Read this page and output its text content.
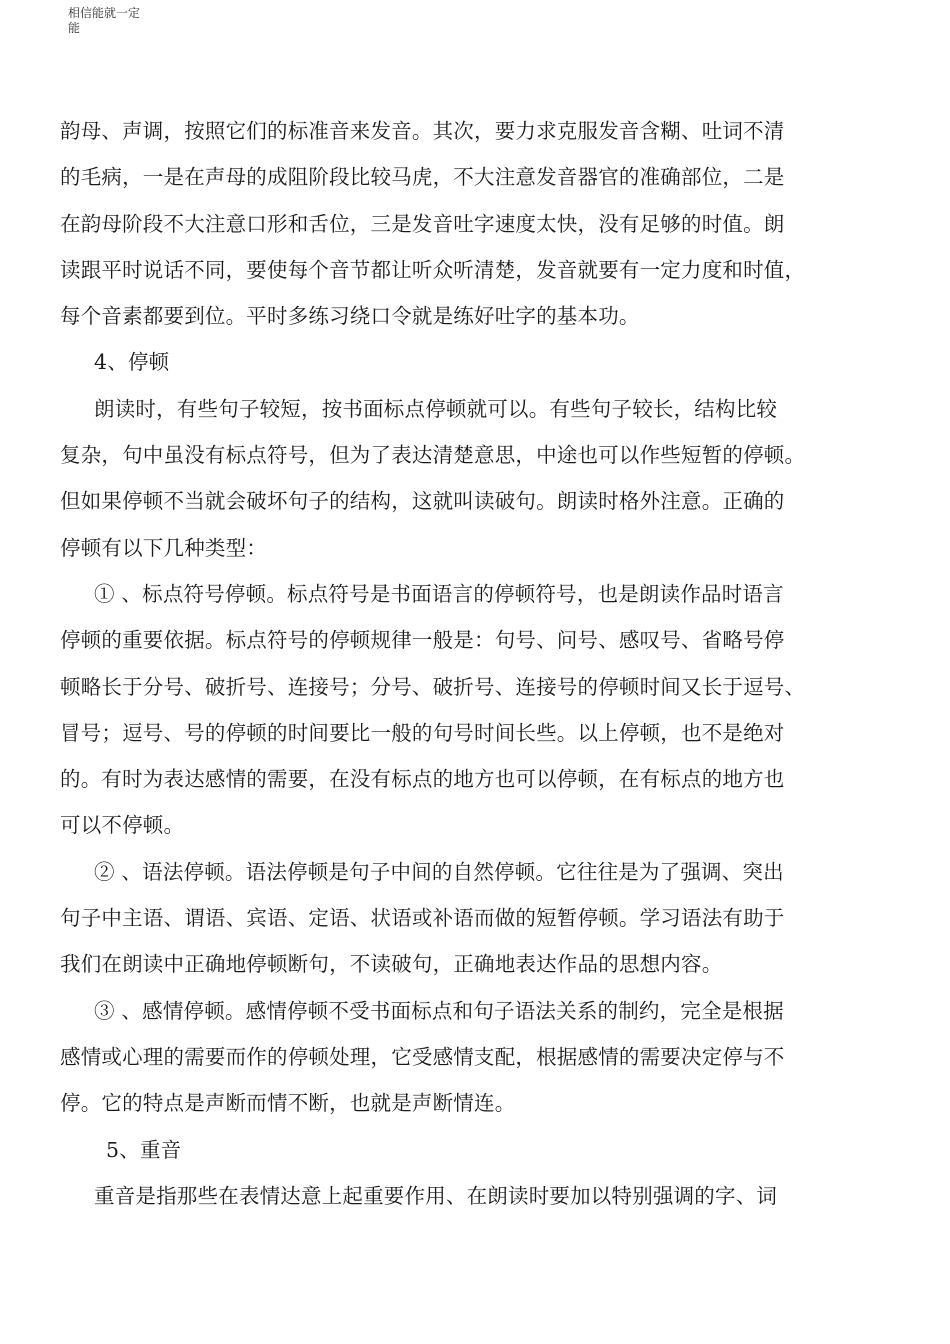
相信能就一定
能
韵母、声调，按照它们的标准音来发音。其次，要力求克服发音含糊、吐词不清
的毛病，一是在声母的成阻阶段比较马虎，不大注意发音器官的准确部位，二是
在韵母阶段不大注意口形和舌位，三是发音吐字速度太快，没有足够的时值。朗
读跟平时说话不同，要使每个音节都让听众听清楚，发音就要有一定力度和时值，
每个音素都要到位。平时多练习绕口令就是练好吐字的基本功。
4、停顿
朗读时，有些句子较短，按书面标点停顿就可以。有些句子较长，结构比较
复杂，句中虽没有标点符号，但为了表达清楚意思，中途也可以作些短暂的停顿。
但如果停顿不当就会破坏句子的结构，这就叫读破句。朗读时格外注意。正确的
停顿有以下几种类型：
① 、标点符号停顿。标点符号是书面语言的停顿符号，也是朗读作品时语言
停顿的重要依据。标点符号的停顿规律一般是：句号、问号、感叹号、省略号停
顿略长于分号、破折号、连接号；分号、破折号、连接号的停顿时间又长于逗号、
冒号；逗号、号的停顿的时间要比一般的句号时间长些。以上停顿，也不是绝对
的。有时为表达感情的需要，在没有标点的地方也可以停顿，在有标点的地方也
可以不停顿。
② 、语法停顿。语法停顿是句子中间的自然停顿。它往往是为了强调、突出
句子中主语、谓语、宾语、定语、状语或补语而做的短暂停顿。学习语法有助于
我们在朗读中正确地停顿断句，不读破句，正确地表达作品的思想内容。
③ 、感情停顿。感情停顿不受书面标点和句子语法关系的制约，完全是根据
感情或心理的需要而作的停顿处理，它受感情支配，根据感情的需要决定停与不
停。它的特点是声断而情不断，也就是声断情连。
5、重音
重音是指那些在表情达意上起重要作用、在朗读时要加以特别强调的字、词
